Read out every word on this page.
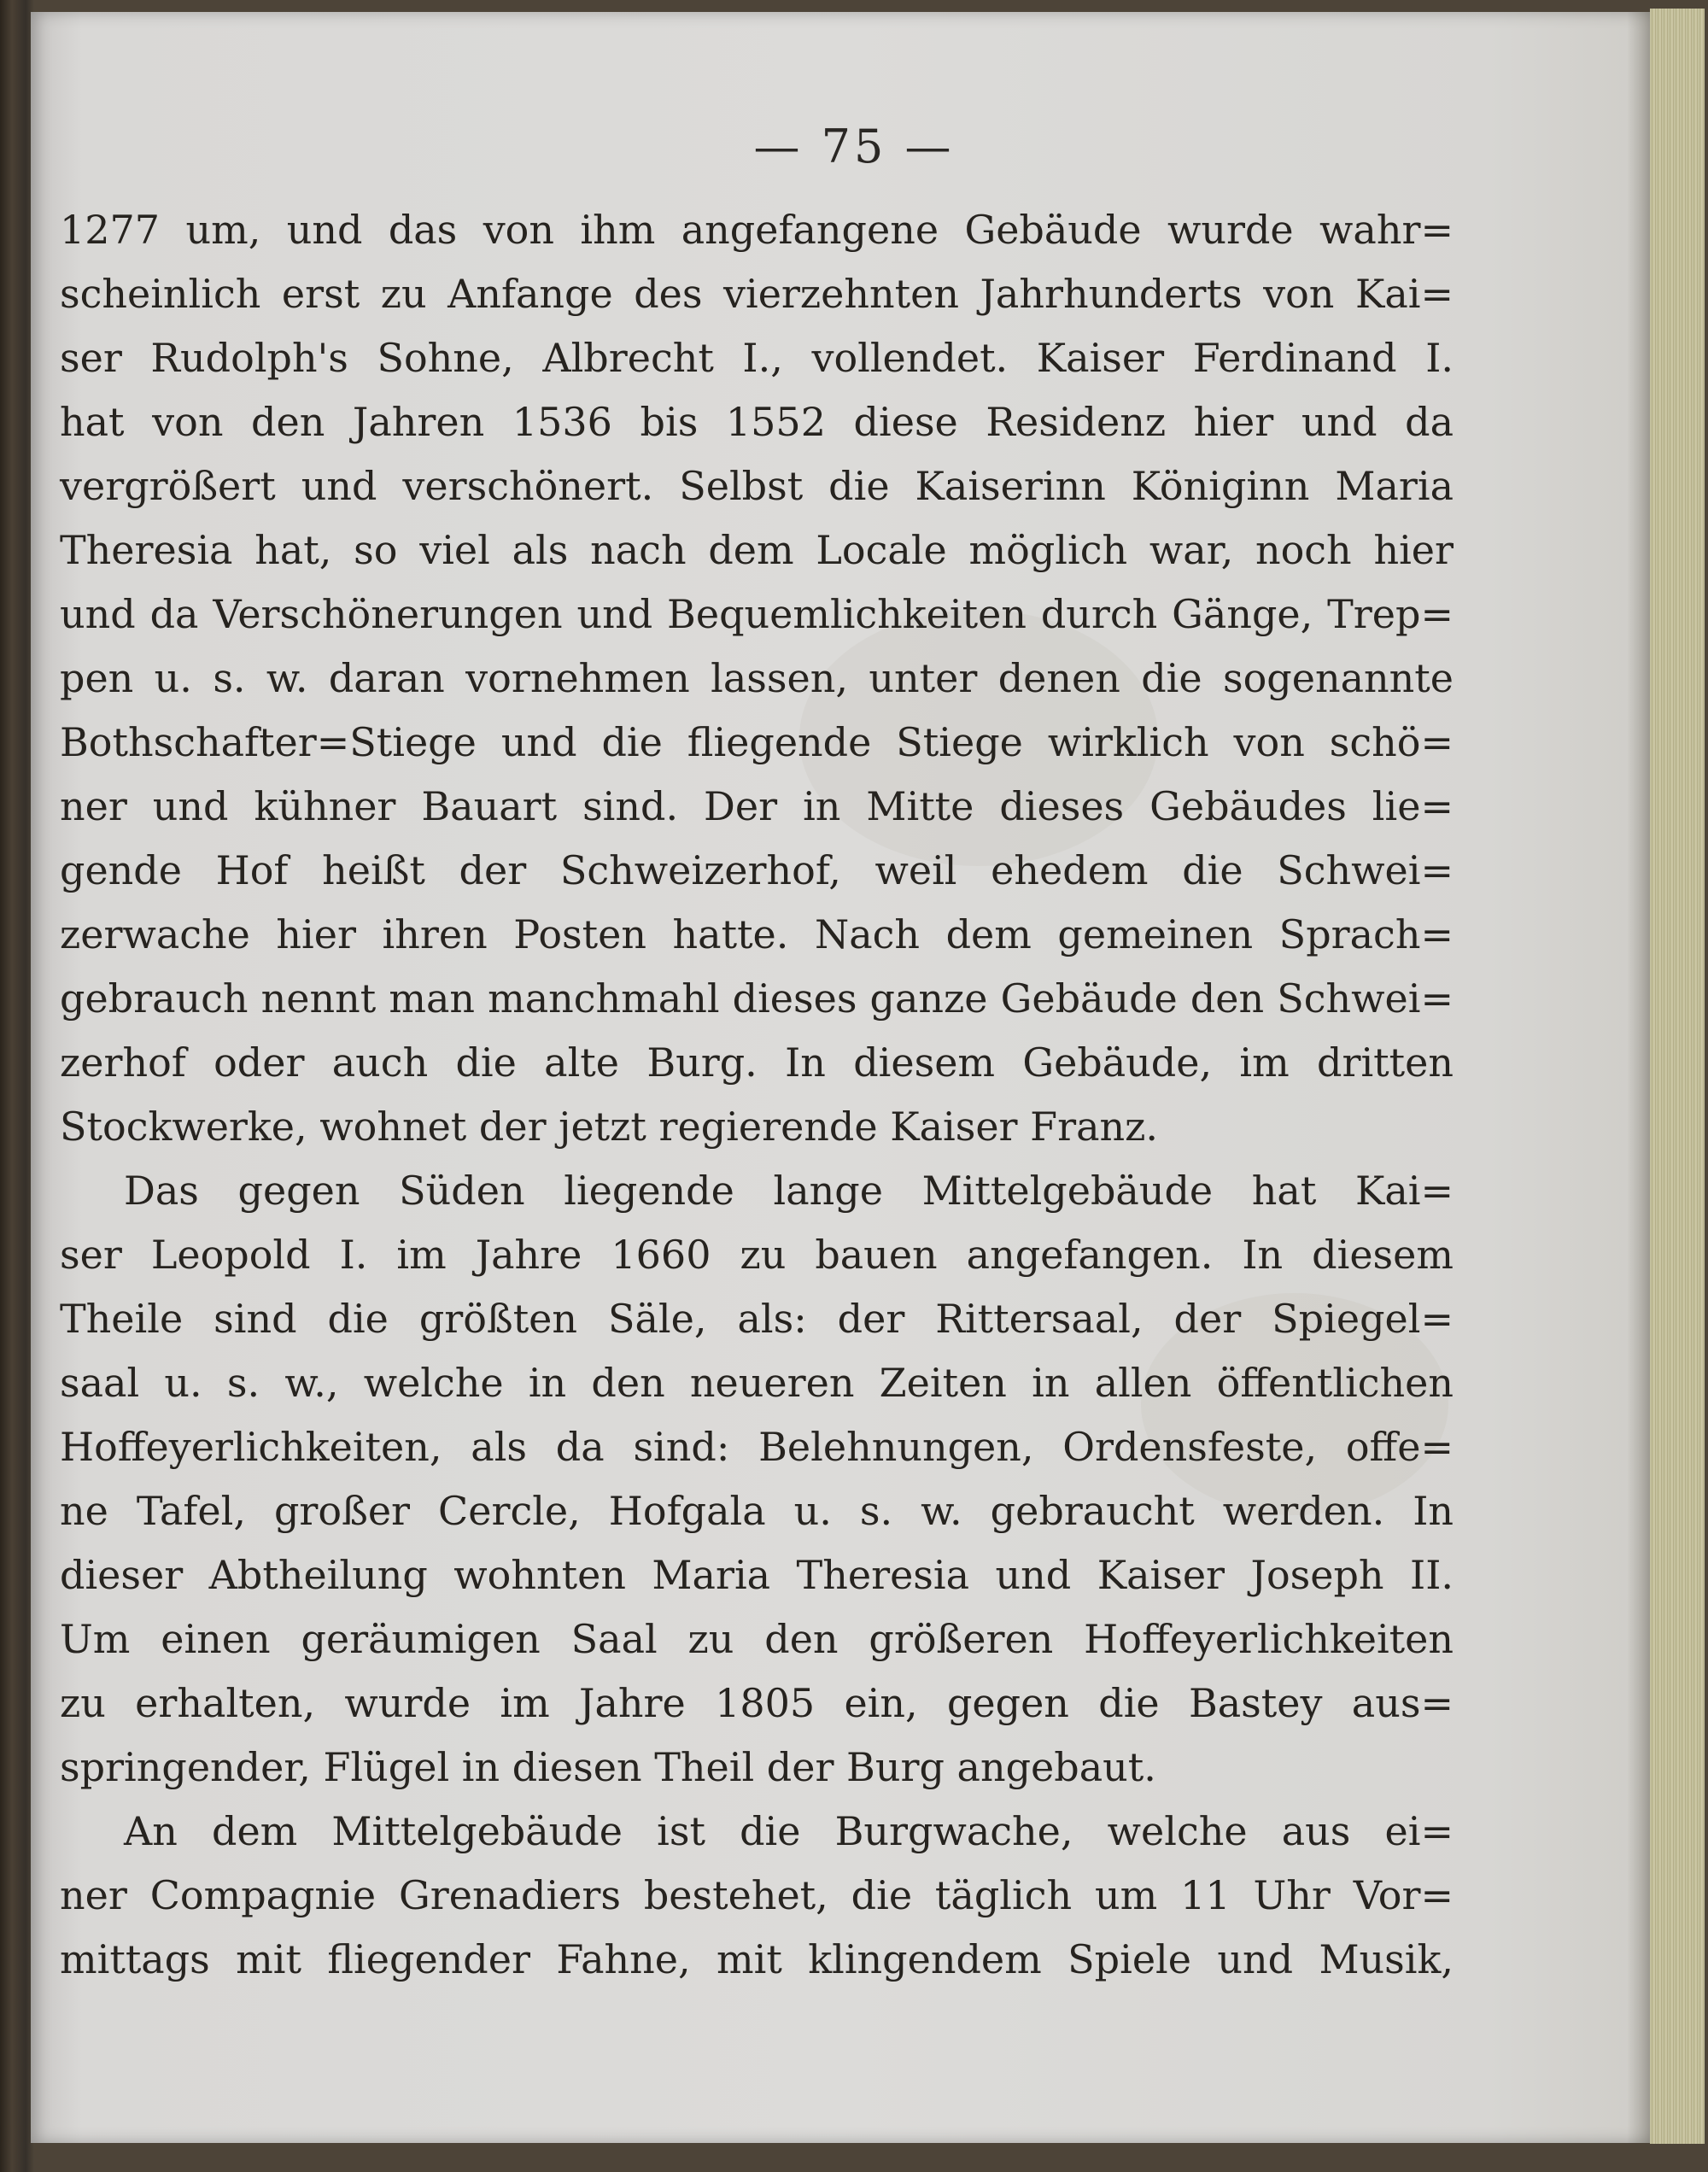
— 75 —
1277 um, und das von ihm angefangene Gebäude wurde wahr=
scheinlich erst zu Anfange des vierzehnten Jahrhunderts von Kai=
ser Rudolph's Sohne, Albrecht I., vollendet. Kaiser Ferdinand I.
hat von den Jahren 1536 bis 1552 diese Residenz hier und da
vergrößert und verschönert. Selbst die Kaiserinn Königinn Maria
Theresia hat, so viel als nach dem Locale möglich war, noch hier
und da Verschönerungen und Bequemlichkeiten durch Gänge, Trep=
pen u. s. w. daran vornehmen lassen, unter denen die sogenannte
Bothschafter=Stiege und die fliegende Stiege wirklich von schö=
ner und kühner Bauart sind. Der in Mitte dieses Gebäudes lie=
gende Hof heißt der Schweizerhof, weil ehedem die Schwei=
zerwache hier ihren Posten hatte. Nach dem gemeinen Sprach=
gebrauch nennt man manchmahl dieses ganze Gebäude den Schwei=
zerhof oder auch die alte Burg. In diesem Gebäude, im dritten
Stockwerke, wohnet der jetzt regierende Kaiser Franz.
Das gegen Süden liegende lange Mittelgebäude hat Kai=
ser Leopold I. im Jahre 1660 zu bauen angefangen. In diesem
Theile sind die größten Säle, als: der Rittersaal, der Spiegel=
saal u. s. w., welche in den neueren Zeiten in allen öffentlichen
Hoffeyerlichkeiten, als da sind: Belehnungen, Ordensfeste, offe=
ne Tafel, großer Cercle, Hofgala u. s. w. gebraucht werden. In
dieser Abtheilung wohnten Maria Theresia und Kaiser Joseph II.
Um einen geräumigen Saal zu den größeren Hoffeyerlichkeiten
zu erhalten, wurde im Jahre 1805 ein, gegen die Bastey aus=
springender, Flügel in diesen Theil der Burg angebaut.
An dem Mittelgebäude ist die Burgwache, welche aus ei=
ner Compagnie Grenadiers bestehet, die täglich um 11 Uhr Vor=
mittags mit fliegender Fahne, mit klingendem Spiele und Musik,
